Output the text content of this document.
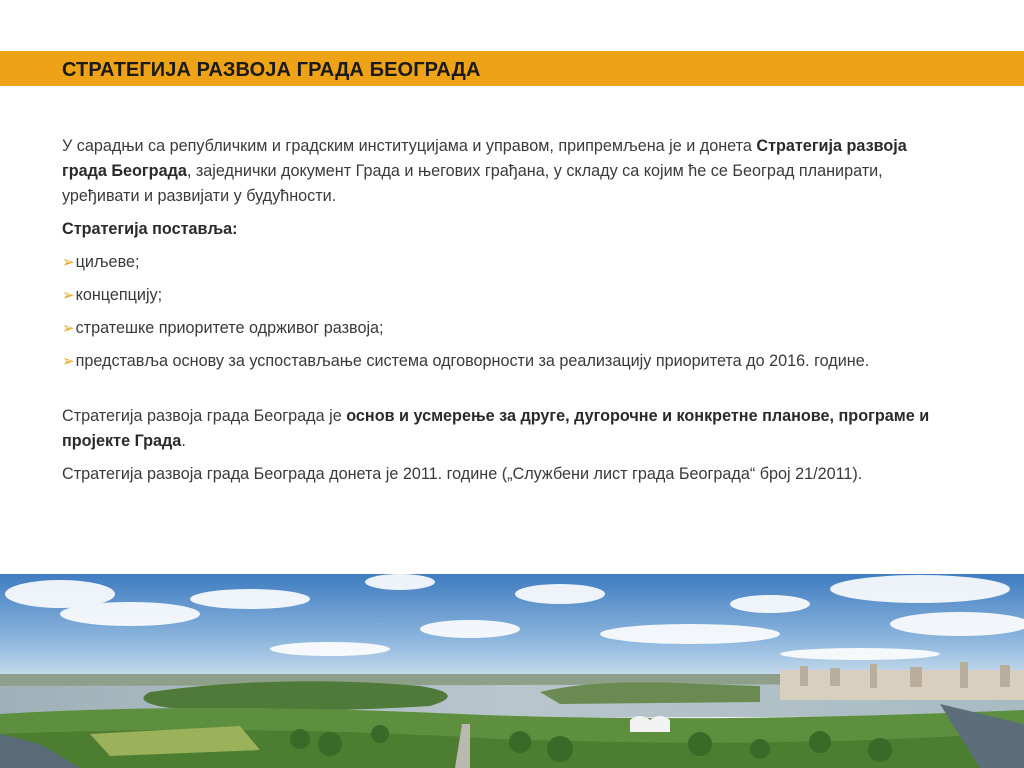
СТРАТЕГИЈА РАЗВОЈА ГРАДА БЕОГРАДА

У сарадњи са републичким и градским институцијама и управом, припремљена је и донета Стратегија развоја града Београда, заједнички документ Града и његових грађана, у складу са којим ће се Београд планирати, уређивати и развијати у будућности.

Стратегија поставља:

➢циљеве;
➢концепцију;
➢стратешке приоритете одрживог развоја;
➢представља основу за успостављање система одговорности за реализацију приоритета до 2016. године.

Стратегија развоја града Београда је основ и усмерење за друге, дугорочне и конкретне планове, програме и пројекте Града.

Стратегија развоја града Београда донета је 2011. године („Службени лист града Београда“ број 21/2011).
